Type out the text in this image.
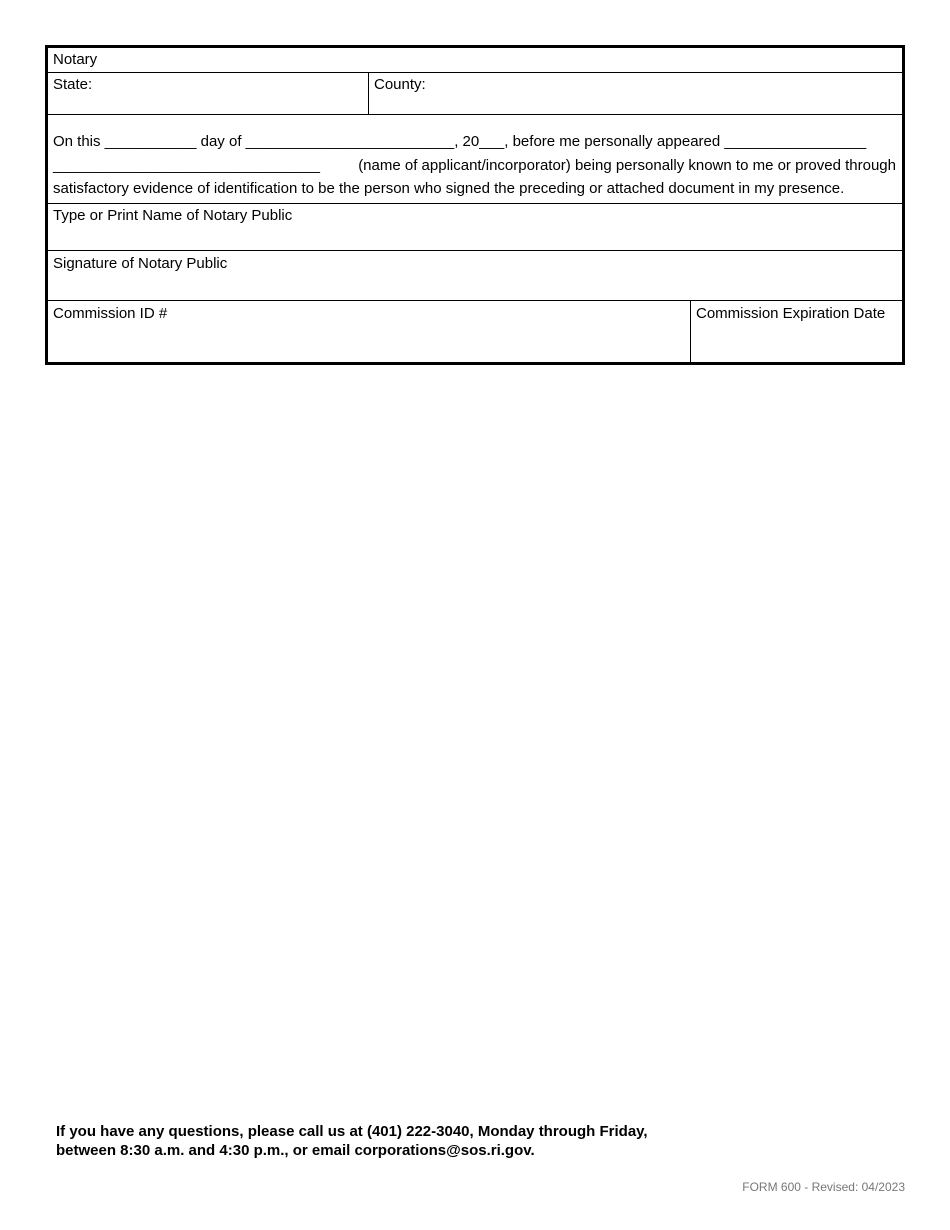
Notary
State:	County:
On this ___________ day of _________________________, 20___, before me personally appeared _________________
________________________________	(name of applicant/incorporator) being personally known to me or proved through
satisfactory evidence of identification to be the person who signed the preceding or attached document in my presence.
Type or Print Name of Notary Public
Signature of Notary Public
Commission ID #	Commission Expiration Date
If you have any questions, please call us at (401) 222-3040, Monday through Friday,
between 8:30 a.m. and 4:30 p.m., or email corporations@sos.ri.gov.
FORM 600 - Revised: 04/2023
